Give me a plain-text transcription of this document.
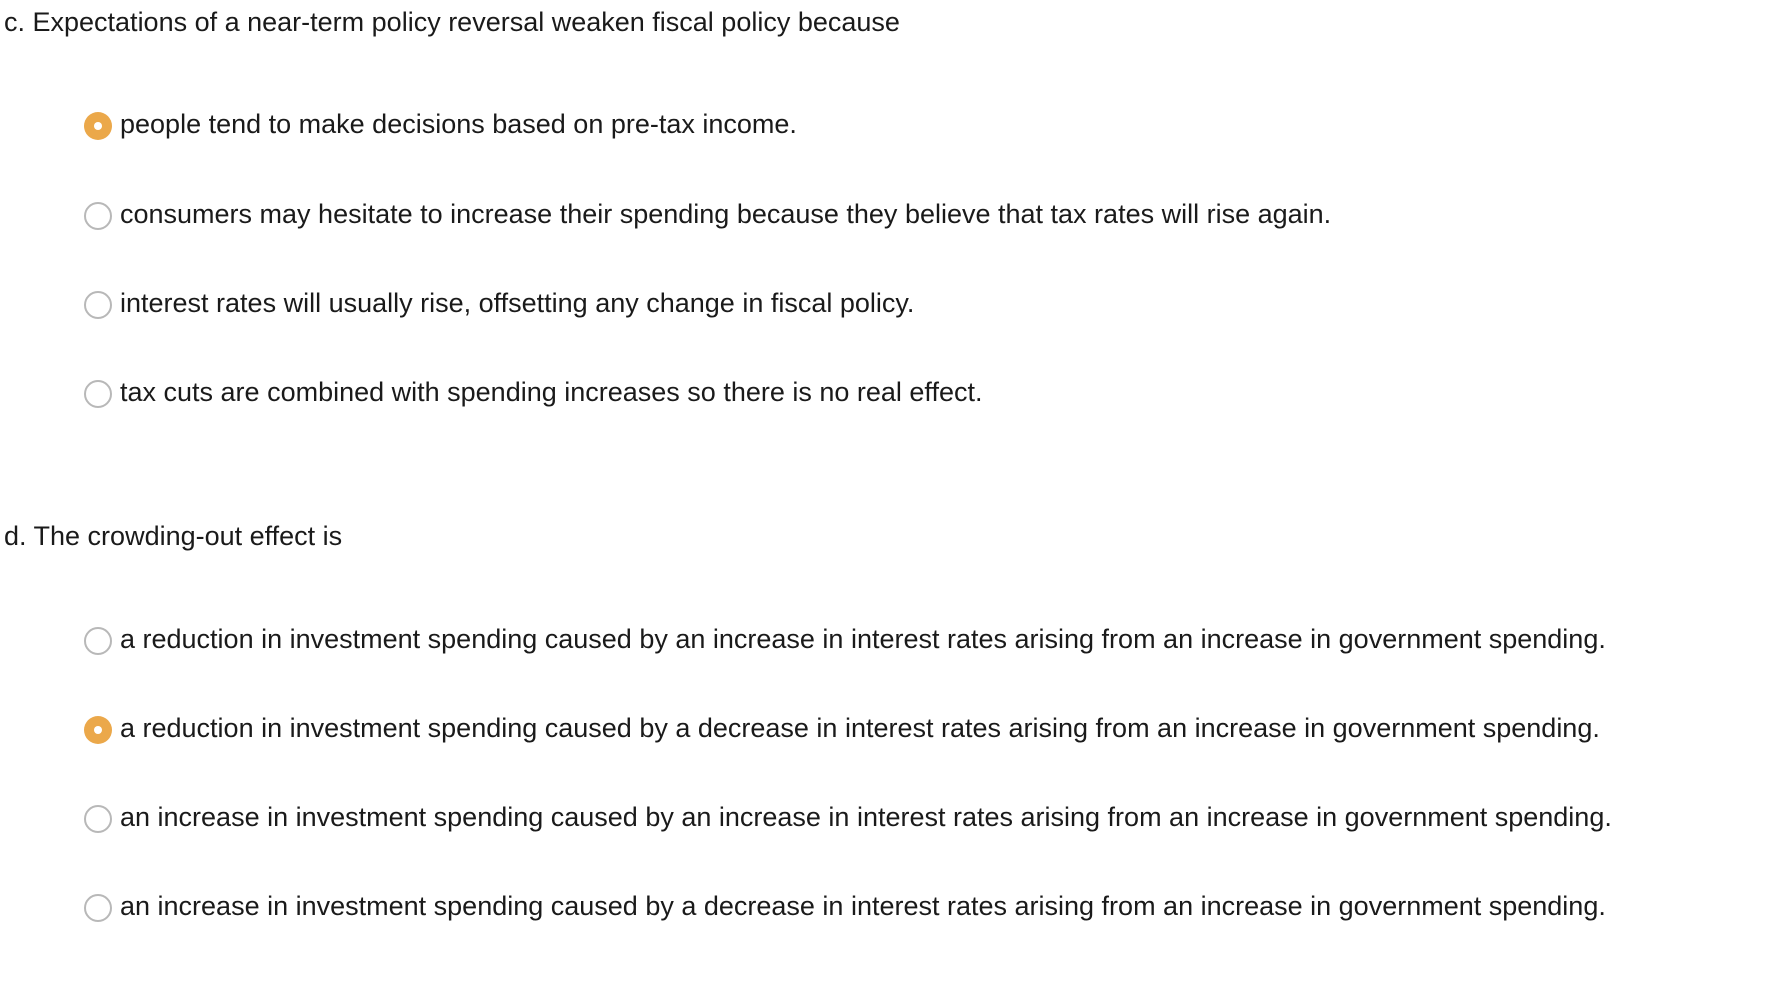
c. Expectations of a near-term policy reversal weaken fiscal policy because
people tend to make decisions based on pre-tax income.
consumers may hesitate to increase their spending because they believe that tax rates will rise again.
interest rates will usually rise, offsetting any change in fiscal policy.
tax cuts are combined with spending increases so there is no real effect.
d. The crowding-out effect is
a reduction in investment spending caused by an increase in interest rates arising from an increase in government spending.
a reduction in investment spending caused by a decrease in interest rates arising from an increase in government spending.
an increase in investment spending caused by an increase in interest rates arising from an increase in government spending.
an increase in investment spending caused by a decrease in interest rates arising from an increase in government spending.
